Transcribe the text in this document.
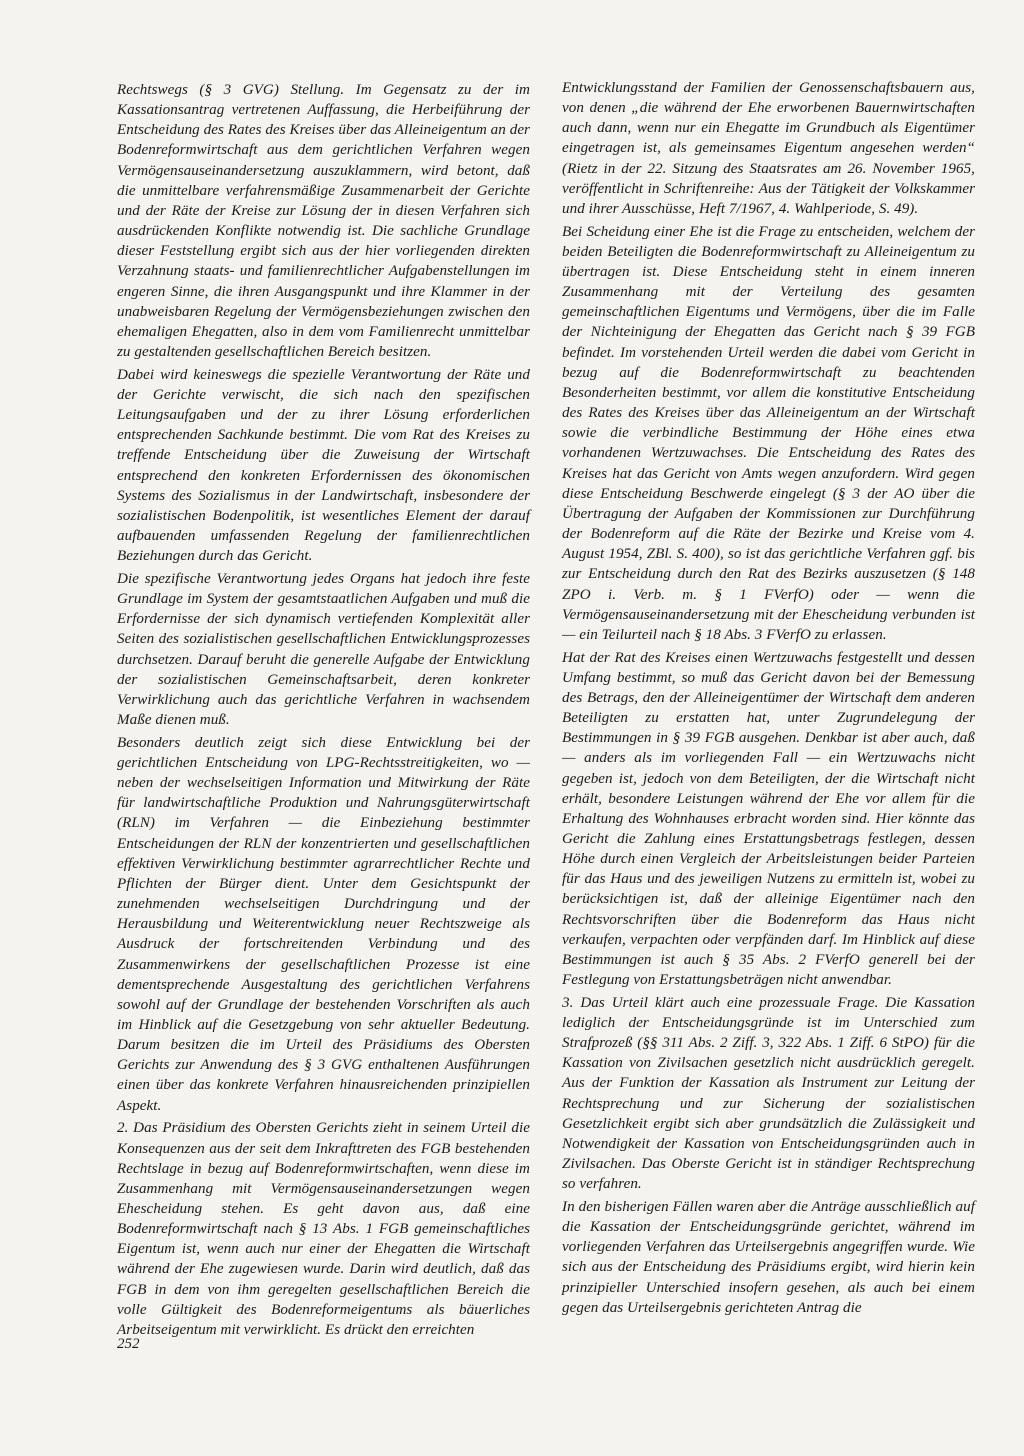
Rechtswegs (§ 3 GVG) Stellung. Im Gegensatz zu der im Kassationsantrag vertretenen Auffassung, die Herbeiführung der Entscheidung des Rates des Kreises über das Alleineigentum an der Bodenreformwirtschaft aus dem gerichtlichen Verfahren wegen Vermögensauseinandersetzung auszuklammern, wird betont, daß die unmittelbare verfahrensmäßige Zusammenarbeit der Gerichte und der Räte der Kreise zur Lösung der in diesen Verfahren sich ausdrückenden Konflikte notwendig ist. Die sachliche Grundlage dieser Feststellung ergibt sich aus der hier vorliegenden direkten Verzahnung staats- und familienrechtlicher Aufgabenstellungen im engeren Sinne, die ihren Ausgangspunkt und ihre Klammer in der unabweisbaren Regelung der Vermögensbeziehungen zwischen den ehemaligen Ehegatten, also in dem vom Familienrecht unmittelbar zu gestaltenden gesellschaftlichen Bereich besitzen.

Dabei wird keineswegs die spezielle Verantwortung der Räte und der Gerichte verwischt, die sich nach den spezifischen Leitungsaufgaben und der zu ihrer Lösung erforderlichen entsprechenden Sachkunde bestimmt. Die vom Rat des Kreises zu treffende Entscheidung über die Zuweisung der Wirtschaft entsprechend den konkreten Erfordernissen des ökonomischen Systems des Sozialismus in der Landwirtschaft, insbesondere der sozialistischen Bodenpolitik, ist wesentliches Element der darauf aufbauenden umfassenden Regelung der familienrechtlichen Beziehungen durch das Gericht.

Die spezifische Verantwortung jedes Organs hat jedoch ihre feste Grundlage im System der gesamtstaatlichen Aufgaben und muß die Erfordernisse der sich dynamisch vertiefenden Komplexität aller Seiten des sozialistischen gesellschaftlichen Entwicklungsprozesses durchsetzen. Darauf beruht die generelle Aufgabe der Entwicklung der sozialistischen Gemeinschaftsarbeit, deren konkreter Verwirklichung auch das gerichtliche Verfahren in wachsendem Maße dienen muß.

Besonders deutlich zeigt sich diese Entwicklung bei der gerichtlichen Entscheidung von LPG-Rechtsstreitigkeiten, wo — neben der wechselseitigen Information und Mitwirkung der Räte für landwirtschaftliche Produktion und Nahrungsgüterwirtschaft (RLN) im Verfahren — die Einbeziehung bestimmter Entscheidungen der RLN der konzentrierten und gesellschaftlichen effektiven Verwirklichung bestimmter agrarrechtlicher Rechte und Pflichten der Bürger dient. Unter dem Gesichtspunkt der zunehmenden wechselseitigen Durchdringung und der Herausbildung und Weiterentwicklung neuer Rechtszweige als Ausdruck der fortschreitenden Verbindung und des Zusammenwirkens der gesellschaftlichen Prozesse ist eine dementsprechende Ausgestaltung des gerichtlichen Verfahrens sowohl auf der Grundlage der bestehenden Vorschriften als auch im Hinblick auf die Gesetzgebung von sehr aktueller Bedeutung. Darum besitzen die im Urteil des Präsidiums des Obersten Gerichts zur Anwendung des § 3 GVG enthaltenen Ausführungen einen über das konkrete Verfahren hinausreichenden prinzipiellen Aspekt.

2. Das Präsidium des Obersten Gerichts zieht in seinem Urteil die Konsequenzen aus der seit dem Inkrafttreten des FGB bestehenden Rechtslage in bezug auf Bodenreformwirtschaften, wenn diese im Zusammenhang mit Vermögensauseinandersetzungen wegen Ehescheidung stehen. Es geht davon aus, daß eine Bodenreformwirtschaft nach § 13 Abs. 1 FGB gemeinschaftliches Eigentum ist, wenn auch nur einer der Ehegatten die Wirtschaft während der Ehe zugewiesen wurde. Darin wird deutlich, daß das FGB in dem von ihm geregelten gesellschaftlichen Bereich die volle Gültigkeit des Bodenreformeigentums als bäuerliches Arbeitseigentum mit verwirklicht. Es drückt den erreichten

Entwicklungsstand der Familien der Genossenschaftsbauern aus, von denen „die während der Ehe erworbenen Bauernwirtschaften auch dann, wenn nur ein Ehegatte im Grundbuch als Eigentümer eingetragen ist, als gemeinsames Eigentum angesehen werden“ (Rietz in der 22. Sitzung des Staatsrates am 26. November 1965, veröffentlicht in Schriftenreihe: Aus der Tätigkeit der Volkskammer und ihrer Ausschüsse, Heft 7/1967, 4. Wahlperiode, S. 49).

Bei Scheidung einer Ehe ist die Frage zu entscheiden, welchem der beiden Beteiligten die Bodenreformwirtschaft zu Alleineigentum zu übertragen ist. Diese Entscheidung steht in einem inneren Zusammenhang mit der Verteilung des gesamten gemeinschaftlichen Eigentums und Vermögens, über die im Falle der Nichteinigung der Ehegatten das Gericht nach § 39 FGB befindet. Im vorstehenden Urteil werden die dabei vom Gericht in bezug auf die Bodenreformwirtschaft zu beachtenden Besonderheiten bestimmt, vor allem die konstitutive Entscheidung des Rates des Kreises über das Alleineigentum an der Wirtschaft sowie die verbindliche Bestimmung der Höhe eines etwa vorhandenen Wertzuwachses. Die Entscheidung des Rates des Kreises hat das Gericht von Amts wegen anzufordern. Wird gegen diese Entscheidung Beschwerde eingelegt (§ 3 der AO über die Übertragung der Aufgaben der Kommissionen zur Durchführung der Bodenreform auf die Räte der Bezirke und Kreise vom 4. August 1954, ZBl. S. 400), so ist das gerichtliche Verfahren ggf. bis zur Entscheidung durch den Rat des Bezirks auszusetzen (§ 148 ZPO i. Verb. m. § 1 FVerfO) oder — wenn die Vermögensauseinandersetzung mit der Ehescheidung verbunden ist — ein Teilurteil nach § 18 Abs. 3 FVerfO zu erlassen.

Hat der Rat des Kreises einen Wertzuwachs festgestellt und dessen Umfang bestimmt, so muß das Gericht davon bei der Bemessung des Betrags, den der Alleineigentümer der Wirtschaft dem anderen Beteiligten zu erstatten hat, unter Zugrundelegung der Bestimmungen in § 39 FGB ausgehen. Denkbar ist aber auch, daß — anders als im vorliegenden Fall — ein Wertzuwachs nicht gegeben ist, jedoch von dem Beteiligten, der die Wirtschaft nicht erhält, besondere Leistungen während der Ehe vor allem für die Erhaltung des Wohnhauses erbracht worden sind. Hier könnte das Gericht die Zahlung eines Erstattungsbetrags festlegen, dessen Höhe durch einen Vergleich der Arbeitsleistungen beider Parteien für das Haus und des jeweiligen Nutzens zu ermitteln ist, wobei zu berücksichtigen ist, daß der alleinige Eigentümer nach den Rechtsvorschriften über die Bodenreform das Haus nicht verkaufen, verpachten oder verpfänden darf. Im Hinblick auf diese Bestimmungen ist auch § 35 Abs. 2 FVerfO generell bei der Festlegung von Erstattungsbeträgen nicht anwendbar.

3. Das Urteil klärt auch eine prozessuale Frage. Die Kassation lediglich der Entscheidungsgründe ist im Unterschied zum Strafprozeß (§§ 311 Abs. 2 Ziff. 3, 322 Abs. 1 Ziff. 6 StPO) für die Kassation von Zivilsachen gesetzlich nicht ausdrücklich geregelt. Aus der Funktion der Kassation als Instrument zur Leitung der Rechtsprechung und zur Sicherung der sozialistischen Gesetzlichkeit ergibt sich aber grundsätzlich die Zulässigkeit und Notwendigkeit der Kassation von Entscheidungsgründen auch in Zivilsachen. Das Oberste Gericht ist in ständiger Rechtsprechung so verfahren.

In den bisherigen Fällen waren aber die Anträge ausschließlich auf die Kassation der Entscheidungsgründe gerichtet, während im vorliegenden Verfahren das Urteilsergebnis angegriffen wurde. Wie sich aus der Entscheidung des Präsidiums ergibt, wird hierin kein prinzipieller Unterschied insofern gesehen, als auch bei einem gegen das Urteilsergebnis gerichteten Antrag die

252
